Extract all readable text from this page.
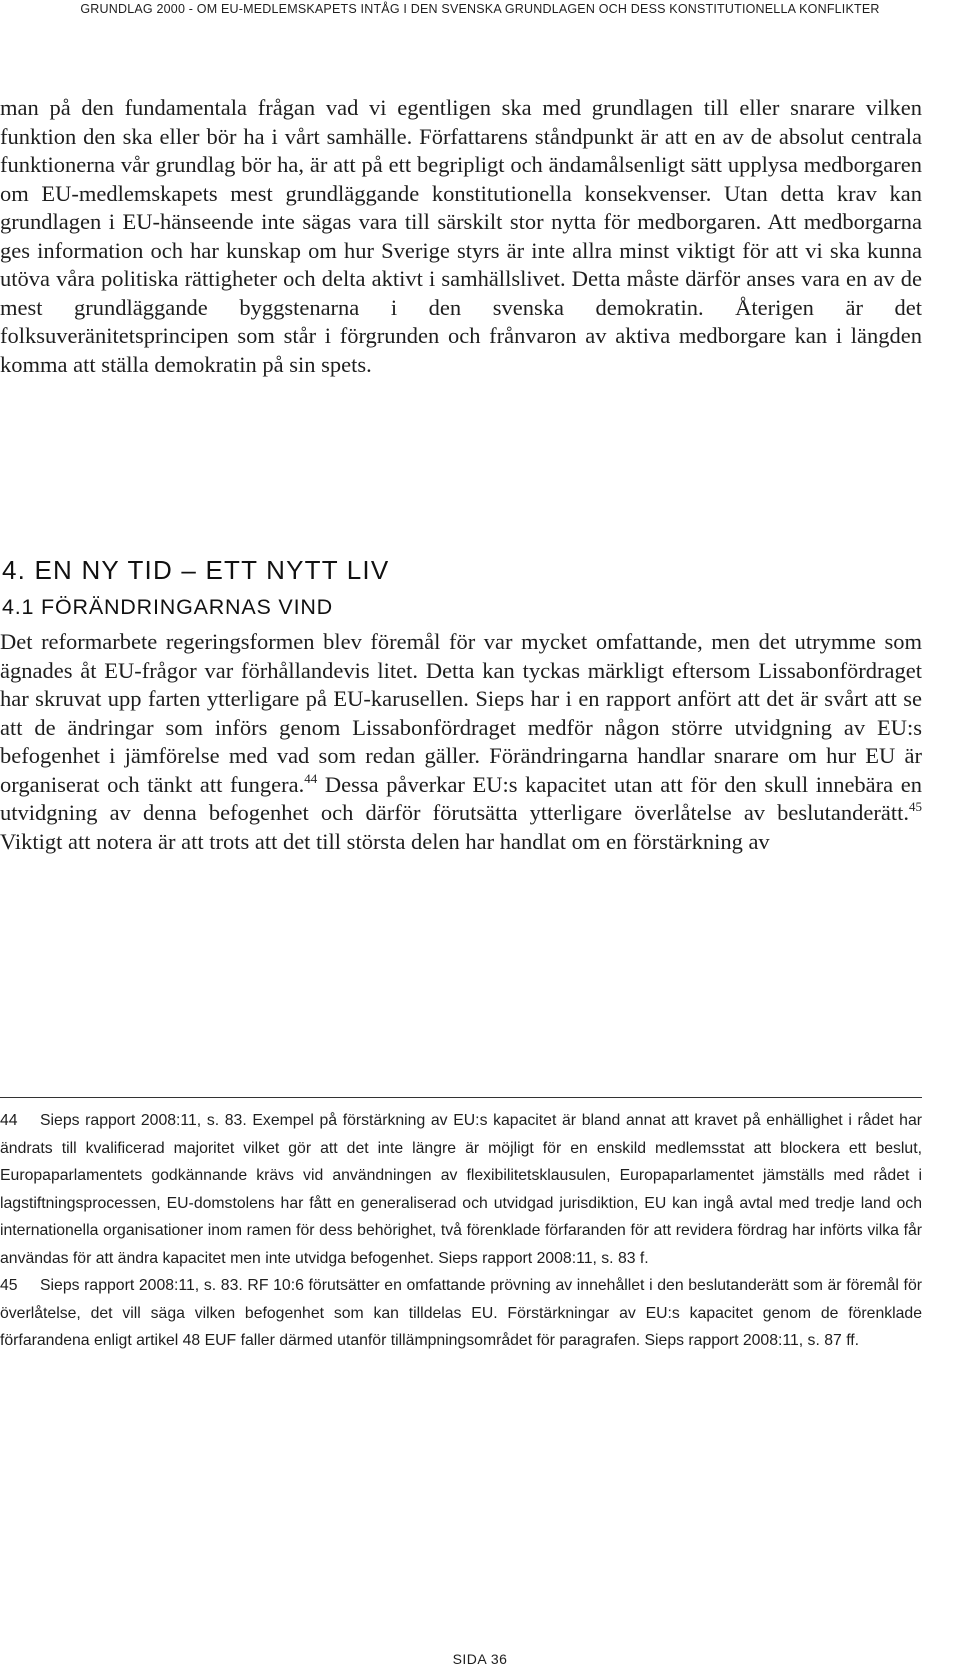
GRUNDLAG 2000 - OM EU-MEDLEMSKAPETS INTÅG I DEN SVENSKA GRUNDLAGEN OCH DESS KONSTITUTIONELLA KONFLIKTER

man på den fundamentala frågan vad vi egentligen ska med grundlagen till eller snarare vilken funktion den ska eller bör ha i vårt samhälle. Författarens ståndpunkt är att en av de absolut centrala funktionerna vår grundlag bör ha, är att på ett begripligt och ändamålsenligt sätt upplysa medborgaren om EU-medlemskapets mest grundläggande konstitutionella konsekvenser. Utan detta krav kan grundlagen i EU-hänseende inte sägas vara till särskilt stor nytta för medborgaren. Att medborgarna ges information och har kunskap om hur Sverige styrs är inte allra minst viktigt för att vi ska kunna utöva våra politiska rättigheter och delta aktivt i samhällslivet. Detta måste därför anses vara en av de mest grundläggande byggstenarna i den svenska demokratin. Återigen är det folksuveränitetsprincipen som står i förgrunden och frånvaron av aktiva medborgare kan i längden komma att ställa demokratin på sin spets.

4. EN NY TID – ETT NYTT LIV
4.1 FÖRÄNDRINGARNAS VIND

Det reformarbete regeringsformen blev föremål för var mycket omfattande, men det utrymme som ägnades åt EU-frågor var förhållandevis litet. Detta kan tyckas märkligt eftersom Lissabonfördraget har skruvat upp farten ytterligare på EU-karusellen. Sieps har i en rapport anfört att det är svårt att se att de ändringar som införs genom Lissabonfördraget medför någon större utvidgning av EU:s befogenhet i jämförelse med vad som redan gäller. Förändringarna handlar snarare om hur EU är organiserat och tänkt att fungera.$^{44}$ Dessa påverkar EU:s kapacitet utan att för den skull innebära en utvidgning av denna befogenhet och därför förutsätta ytterligare överlåtelse av beslutanderätt.$^{45}$ Viktigt att notera är att trots att det till största delen har handlat om en förstärkning av

44 Sieps rapport 2008:11, s. 83. Exempel på förstärkning av EU:s kapacitet är bland annat att kravet på enhällighet i rådet har ändrats till kvalificerad majoritet vilket gör att det inte längre är möjligt för en enskild medlemsstat att blockera ett beslut, Europaparlamentets godkännande krävs vid användningen av flexibilitetsklausulen, Europaparlamentet jämställs med rådet i lagstiftningsprocessen, EU-domstolens har fått en generaliserad och utvidgad jurisdiktion, EU kan ingå avtal med tredje land och internationella organisationer inom ramen för dess behörighet, två förenklade förfaranden för att revidera fördrag har införts vilka får användas för att ändra kapacitet men inte utvidga befogenhet. Sieps rapport 2008:11, s. 83 f.

45 Sieps rapport 2008:11, s. 83. RF 10:6 förutsätter en omfattande prövning av innehållet i den beslutanderätt som är föremål för överlåtelse, det vill säga vilken befogenhet som kan tilldelas EU. Förstärkningar av EU:s kapacitet genom de förenklade förfarandena enligt artikel 48 EUF faller därmed utanför tillämpningsområdet för paragrafen. Sieps rapport 2008:11, s. 87 ff.

SIDA 36
